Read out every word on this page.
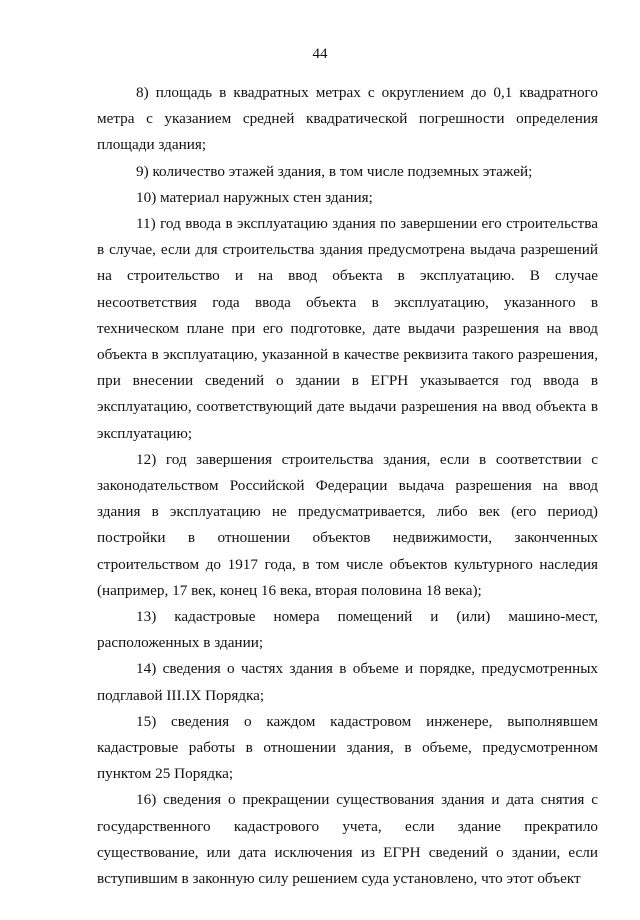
44

8) площадь в квадратных метрах с округлением до 0,1 квадратного метра с указанием средней квадратической погрешности определения площади здания;

9) количество этажей здания, в том числе подземных этажей;

10) материал наружных стен здания;

11) год ввода в эксплуатацию здания по завершении его строительства в случае, если для строительства здания предусмотрена выдача разрешений на строительство и на ввод объекта в эксплуатацию. В случае несоответствия года ввода объекта в эксплуатацию, указанного в техническом плане при его подготовке, дате выдачи разрешения на ввод объекта в эксплуатацию, указанной в качестве реквизита такого разрешения, при внесении сведений о здании в ЕГРН указывается год ввода в эксплуатацию, соответствующий дате выдачи разрешения на ввод объекта в эксплуатацию;

12) год завершения строительства здания, если в соответствии с законодательством Российской Федерации выдача разрешения на ввод здания в эксплуатацию не предусматривается, либо век (его период) постройки в отношении объектов недвижимости, законченных строительством до 1917 года, в том числе объектов культурного наследия (например, 17 век, конец 16 века, вторая половина 18 века);

13) кадастровые номера помещений и (или) машино-мест, расположенных в здании;

14) сведения о частях здания в объеме и порядке, предусмотренных подглавой III.IX Порядка;

15) сведения о каждом кадастровом инженере, выполнявшем кадастровые работы в отношении здания, в объеме, предусмотренном пунктом 25 Порядка;

16) сведения о прекращении существования здания и дата снятия с государственного кадастрового учета, если здание прекратило существование, или дата исключения из ЕГРН сведений о здании, если вступившим в законную силу решением суда установлено, что этот объект
